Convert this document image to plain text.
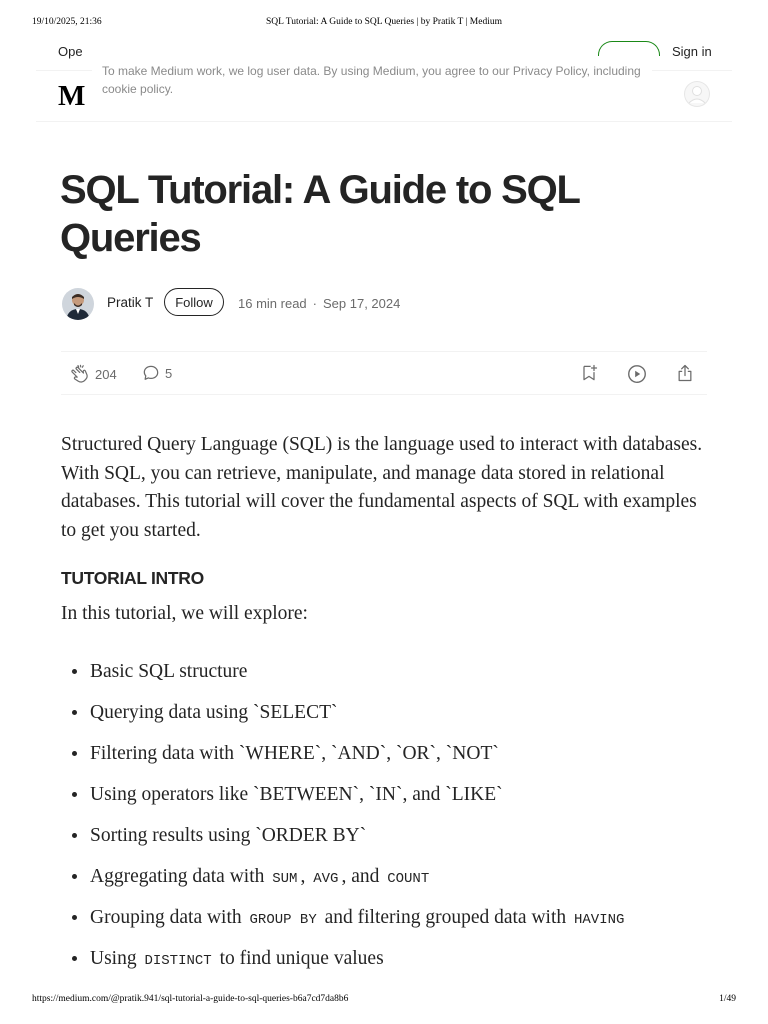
19/10/2025, 21:36	SQL Tutorial: A Guide to SQL Queries | by Pratik T | Medium
Ope	Sign in
M
To make Medium work, we log user data. By using Medium, you agree to our Privacy Policy, including cookie policy.
SQL Tutorial: A Guide to SQL Queries
Pratik T	Follow	16 min read · Sep 17, 2024
204	5

Structured Query Language (SQL) is the language used to interact with databases. With SQL, you can retrieve, manipulate, and manage data stored in relational databases. This tutorial will cover the fundamental aspects of SQL with examples to get you started.

TUTORIAL INTRO

In this tutorial, we will explore:

Basic SQL structure
Querying data using `SELECT`
Filtering data with `WHERE`, `AND`, `OR`, `NOT`
Using operators like `BETWEEN`, `IN`, and `LIKE`
Sorting results using `ORDER BY`
Aggregating data with SUM , AVG , and COUNT
Grouping data with GROUP BY and filtering grouped data with HAVING
Using DISTINCT to find unique values
https://medium.com/@pratik.941/sql-tutorial-a-guide-to-sql-queries-b6a7cd7da8b6	1/49
